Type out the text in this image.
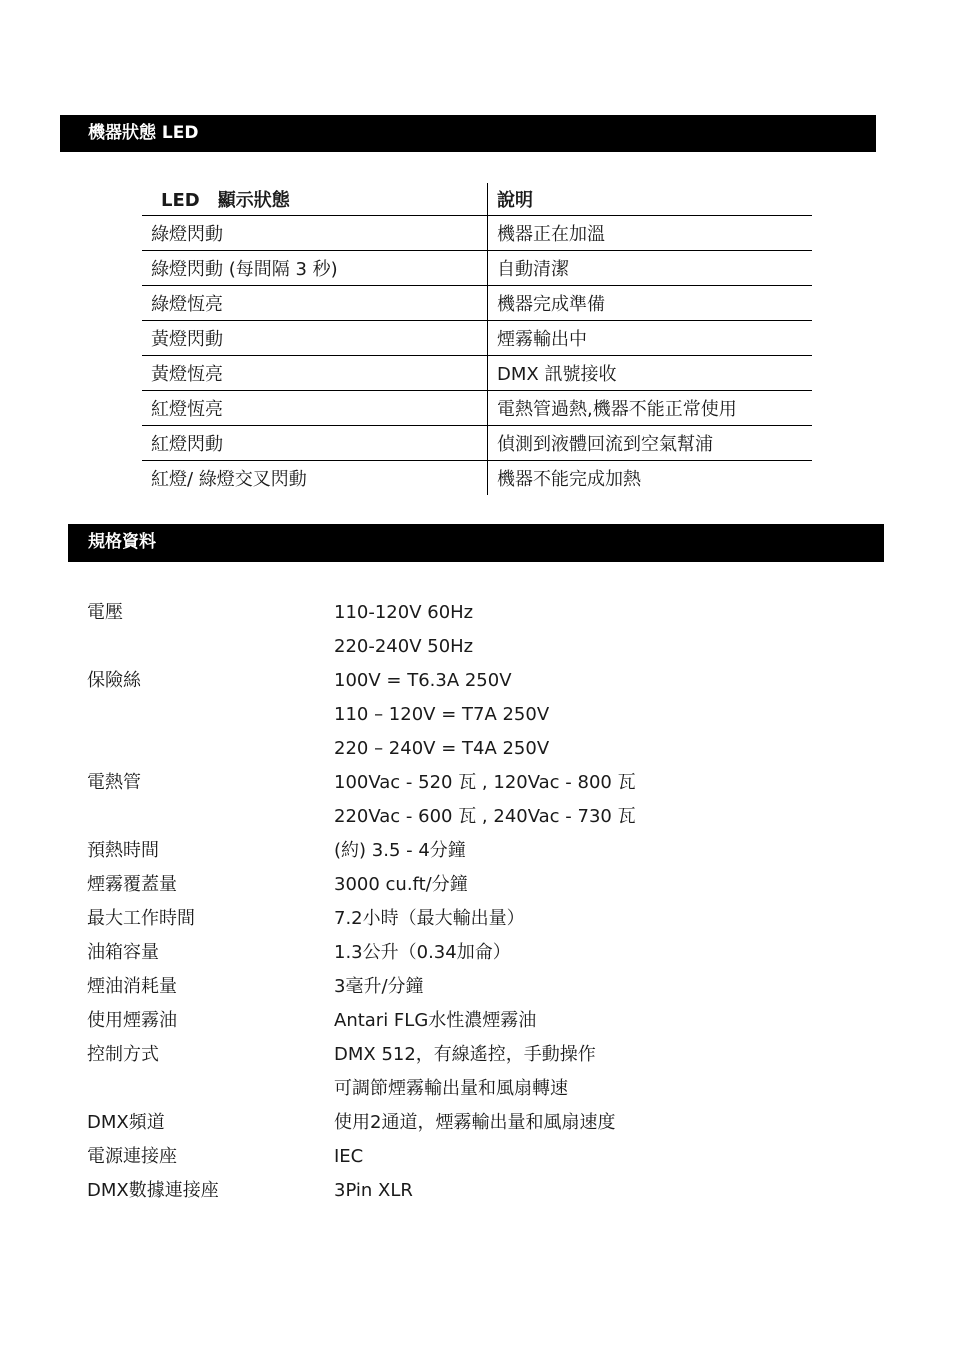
機器狀態 LED
LED　顯示狀態	說明
綠燈閃動	機器正在加溫
綠燈閃動 (每間隔 3 秒)	自動清潔
綠燈恆亮	機器完成準備
黃燈閃動	煙霧輸出中
黃燈恆亮	DMX 訊號接收
紅燈恆亮	電熱管過熱,機器不能正常使用
紅燈閃動	偵測到液體回流到空氣幫浦
紅燈/ 綠燈交叉閃動	機器不能完成加熱
規格資料
電壓	110-120V 60Hz
220-240V 50Hz
保險絲	100V = T6.3A 250V
110 – 120V = T7A 250V
220 – 240V = T4A 250V
電熱管	100Vac - 520 瓦 , 120Vac - 800 瓦
220Vac - 600 瓦 , 240Vac - 730 瓦
預熱時間	(約) 3.5 - 4分鐘
煙霧覆蓋量	3000 cu.ft/分鐘
最大工作時間	7.2小時（最大輸出量）
油箱容量	1.3公升（0.34加侖）
煙油消耗量	3毫升/分鐘
使用煙霧油	Antari FLG水性濃煙霧油
控制方式	DMX 512，有線遙控，手動操作
可調節煙霧輸出量和風扇轉速
DMX頻道	使用2通道，煙霧輸出量和風扇速度
電源連接座	IEC
DMX數據連接座	3Pin XLR
